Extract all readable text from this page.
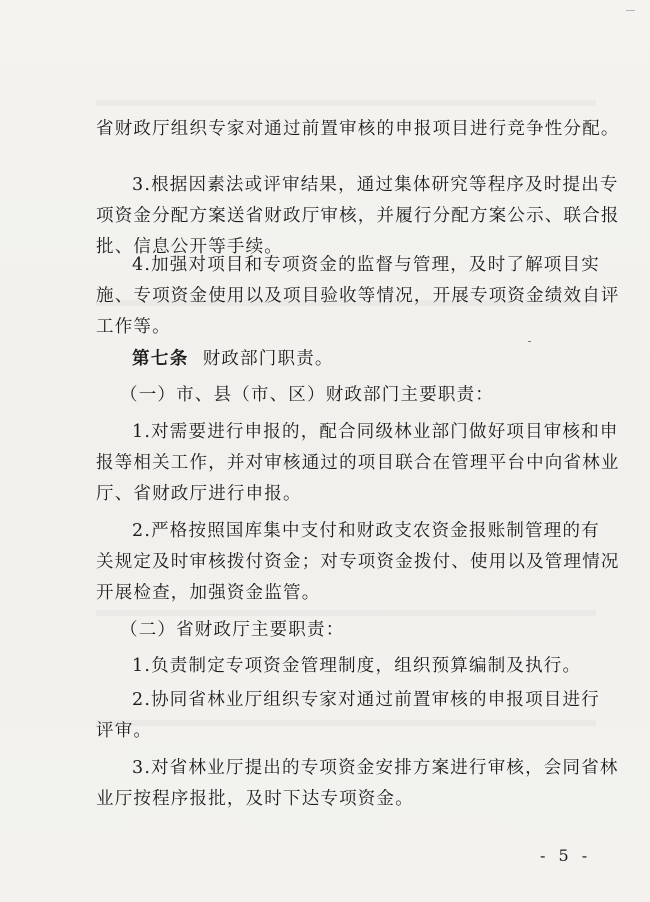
省财政厅组织专家对通过前置审核的申报项目进行竞争性分配。
3.根据因素法或评审结果，通过集体研究等程序及时提出专
项资金分配方案送省财政厅审核，并履行分配方案公示、联合报
批、信息公开等手续。
4.加强对项目和专项资金的监督与管理，及时了解项目实
施、专项资金使用以及项目验收等情况，开展专项资金绩效自评
工作等。
第七条 财政部门职责。
（一）市、县（市、区）财政部门主要职责：
1.对需要进行申报的，配合同级林业部门做好项目审核和申
报等相关工作，并对审核通过的项目联合在管理平台中向省林业
厅、省财政厅进行申报。
2.严格按照国库集中支付和财政支农资金报账制管理的有
关规定及时审核拨付资金；对专项资金拨付、使用以及管理情况
开展检查，加强资金监管。
（二）省财政厅主要职责：
1.负责制定专项资金管理制度，组织预算编制及执行。
2.协同省林业厅组织专家对通过前置审核的申报项目进行
评审。
3.对省林业厅提出的专项资金安排方案进行审核，会同省林
业厅按程序报批，及时下达专项资金。
- 5 -
